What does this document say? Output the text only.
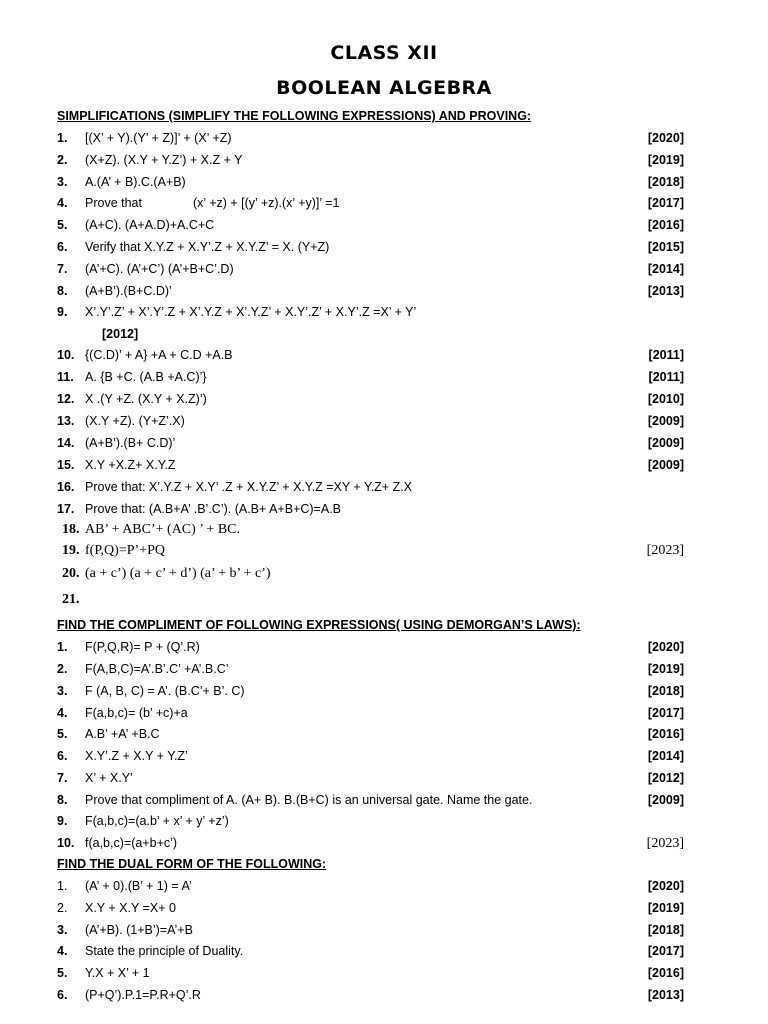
CLASS XII
BOOLEAN ALGEBRA
SIMPLIFICATIONS (SIMPLIFY THE FOLLOWING EXPRESSIONS) AND PROVING:
1. [(X’ + Y).(Y’ + Z)]’ + (X’ +Z)	[2020]
2. (X+Z). (X.Y + Y.Z’) + X.Z + Y	[2019]
3. A.(A’ + B).C.(A+B)	[2018]
4. Prove that	(x’ +z) + [(y’ +z).(x’ +y)]’ =1	[2017]
5. (A+C). (A+A.D)+A.C+C	[2016]
6. Verify that X.Y.Z + X.Y’.Z + X.Y.Z’ = X. (Y+Z)	[2015]
7. (A’+C). (A’+C’) (A’+B+C’.D)	[2014]
8. (A+B’).(B+C.D)’	[2013]
9. X’.Y’.Z’ + X’.Y’.Z + X’.Y.Z + X’.Y.Z’ + X.Y’.Z’ + X.Y’.Z =X’ + Y’
[2012]
10. {(C.D)’ + A} +A + C.D +A.B	[2011]
11. A. {B +C. (A.B +A.C)’}	[2011]
12. X .(Y +Z. (X.Y + X.Z)’)	[2010]
13. (X.Y +Z). (Y+Z’.X)	[2009]
14. (A+B’).(B+ C.D)’	[2009]
15. X.Y +X.Z+ X.Y.Z	[2009]
16. Prove that: X’.Y.Z + X.Y’ .Z + X.Y.Z’ + X.Y.Z =XY + Y.Z+ Z.X
17. Prove that: (A.B+A’ .B’.C’). (A.B+ A+B+C)=A.B
18. AB’ + ABC’+ (AC) ’ + BC.
19. f(P,Q)=P’+PQ	[2023]
20. (a + c’) (a + c’ + d’) (a’ + b’ + c’)
21.
FIND THE COMPLIMENT OF FOLLOWING EXPRESSIONS( USING DEMORGAN’S LAWS):
1. F(P,Q,R)= P + (Q’.R)	[2020]
2. F(A,B,C)=A’.B’.C’ +A’.B.C’	[2019]
3. F (A, B, C) = A’. (B.C’+ B’. C)	[2018]
4. F(a,b,c)= (b’ +c)+a	[2017]
5. A.B’ +A’ +B.C	[2016]
6. X.Y’.Z + X.Y + Y.Z’	[2014]
7. X’ + X.Y’	[2012]
8. Prove that compliment of A. (A+ B). B.(B+C) is an universal gate. Name the gate.	[2009]
9. F(a,b,c)=(a.b’ + x’ + y’ +z’)
10. f(a,b,c)=(a+b+c’)	[2023]
FIND THE DUAL FORM OF THE FOLLOWING:
1. (A’ + 0).(B’ + 1) = A’	[2020]
2. X.Y + X.Y =X+ 0	[2019]
3. (A’+B). (1+B’)=A’+B	[2018]
4. State the principle of Duality.	[2017]
5. Y.X + X’ + 1	[2016]
6. (P+Q’).P.1=P.R+Q’.R	[2013]
